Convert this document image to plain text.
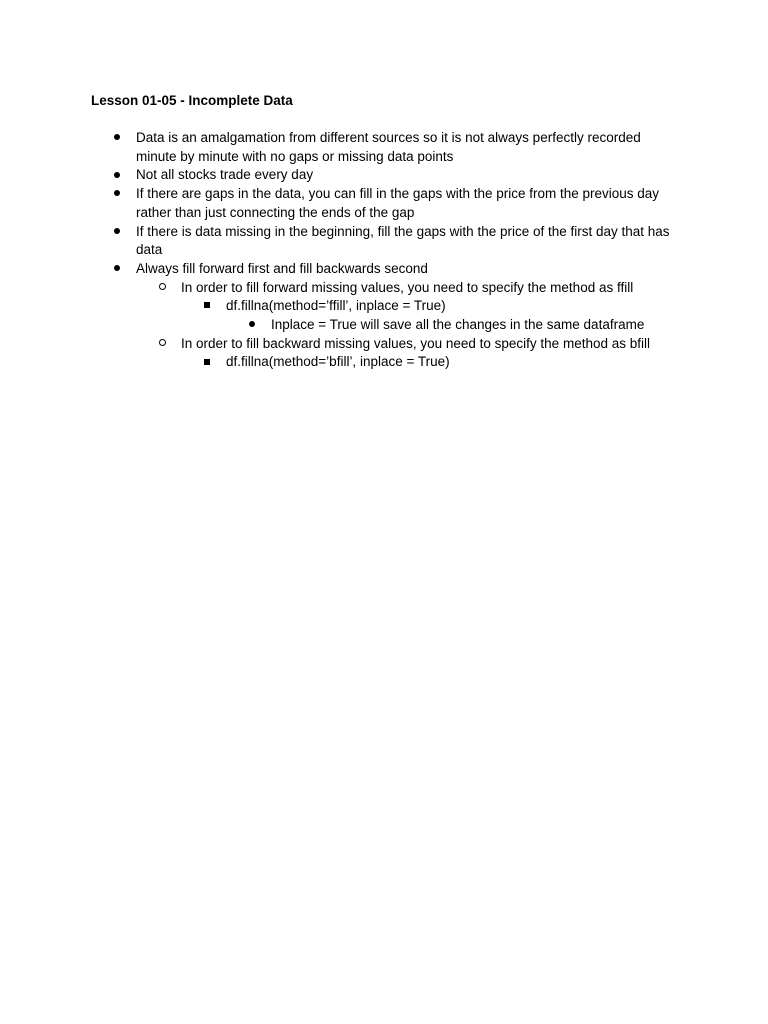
Lesson 01-05 - Incomplete Data
Data is an amalgamation from different sources so it is not always perfectly recorded minute by minute with no gaps or missing data points
Not all stocks trade every day
If there are gaps in the data, you can fill in the gaps with the price from the previous day rather than just connecting the ends of the gap
If there is data missing in the beginning, fill the gaps with the price of the first day that has data
Always fill forward first and fill backwards second
In order to fill forward missing values, you need to specify the method as ffill
df.fillna(method=’ffill’, inplace = True)
Inplace = True will save all the changes in the same dataframe
In order to fill backward missing values, you need to specify the method as bfill
df.fillna(method=’bfill’, inplace = True)
